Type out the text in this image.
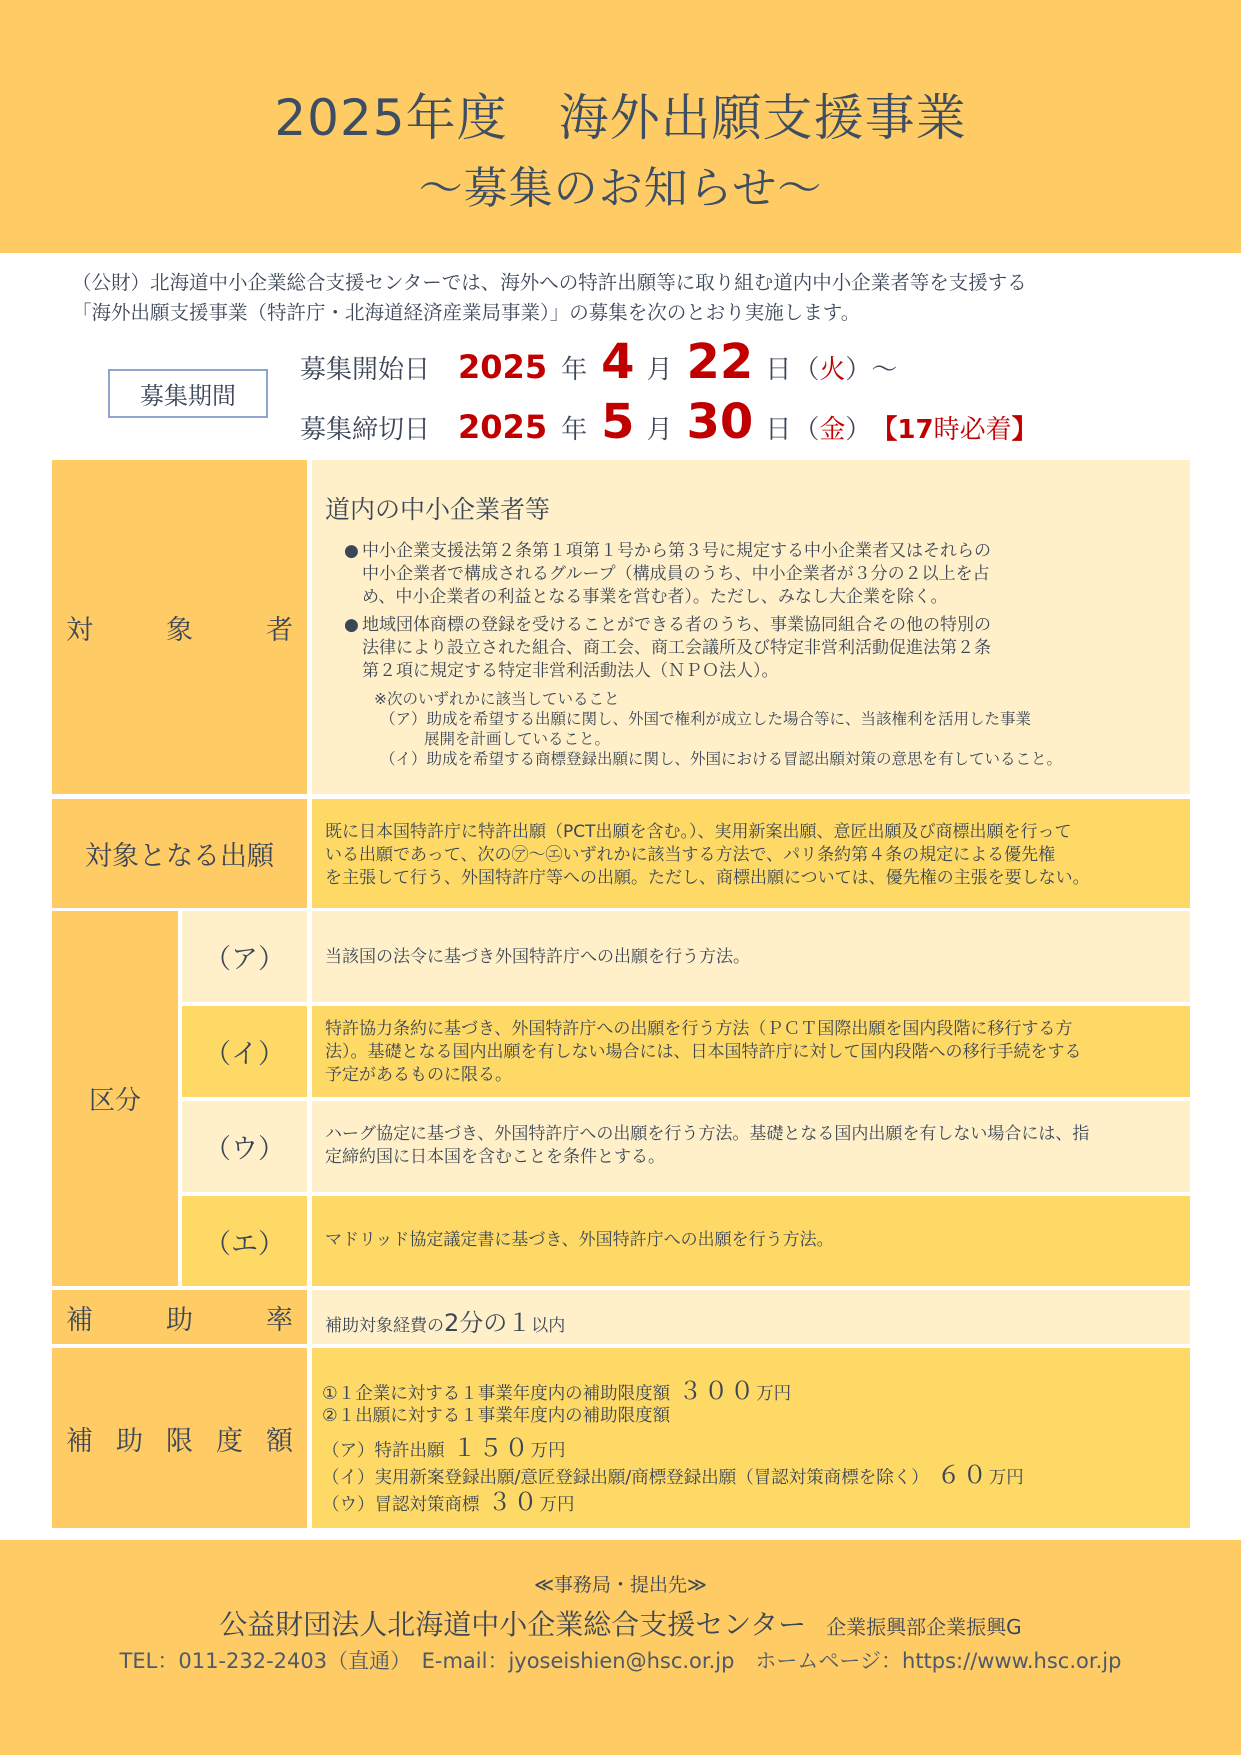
2025年度　海外出願支援事業
～募集のお知らせ～
（公財）北海道中小企業総合支援センターでは、海外への特許出願等に取り組む道内中小企業者等を支援する
「海外出願支援事業（特許庁・北海道経済産業局事業）」の募集を次のとおり実施します。
募集期間
募集開始日 2025 年 4 月 22 日 （ 火 ） ～
募集締切日 2025 年 5 月 30 日 （ 金 ） 【 17 時必着 】
対	象	者
道内の中小企業者等
● 中小企業支援法第２条第１項第１号から第３号に規定する中小企業者又はそれらの
中小企業者で構成されるグループ（構成員のうち、中小企業者が３分の２以上を占
め、中小企業者の利益となる事業を営む者）。ただし、みなし大企業を除く。
● 地域団体商標の登録を受けることができる者のうち、事業協同組合その他の特別の
法律により設立された組合、商工会、商工会議所及び特定非営利活動促進法第２条
第２項に規定する特定非営利活動法人（ＮＰＯ法人）。
※次のいずれかに該当していること
（ア）助成を希望する出願に関し、外国で権利が成立した場合等に、当該権利を活用した事業
展開を計画していること。
（イ）助成を希望する商標登録出願に関し、外国における冒認出願対策の意思を有していること。
対象となる出願
既に日本国特許庁に特許出願（PCT出願を含む。）、実用新案出願、意匠出願及び商標出願を行って
いる出願であって、次の㋐～㋓いずれかに該当する方法で、パリ条約第４条の規定による優先権
を主張して行う、外国特許庁等への出願。ただし、商標出願については、優先権の主張を要しない。
区分
（ア）	当該国の法令に基づき外国特許庁への出願を行う方法。
（イ）
特許協力条約に基づき、外国特許庁への出願を行う方法（ＰＣＴ国際出願を国内段階に移行する方
法）。基礎となる国内出願を有しない場合には、日本国特許庁に対して国内段階への移行手続をする
予定があるものに限る。
（ウ）	ハーグ協定に基づき、外国特許庁への出願を行う方法。基礎となる国内出願を有しない場合には、指
定締約国に日本国を含むことを条件とする。
（エ）	マドリッド協定議定書に基づき、外国特許庁への出願を行う方法。
補	助	率 補助対象経費の2分の１以内
補 助 限 度 額
①１企業に対する１事業年度内の補助限度額 ３００万円
②１出願に対する１事業年度内の補助限度額
（ア）特許出願 １５０万円
（イ）実用新案登録出願/意匠登録出願/商標登録出願（冒認対策商標を除く） ６０万円
（ウ）冒認対策商標 ３０万円
≪事務局・提出先≫
公益財団法人北海道中小企業総合支援センター 企業振興部企業振興G
TEL：011-232-2403（直通）　E-mail：jyoseishien@hsc.or.jp　ホームページ：https://www.hsc.or.jp
